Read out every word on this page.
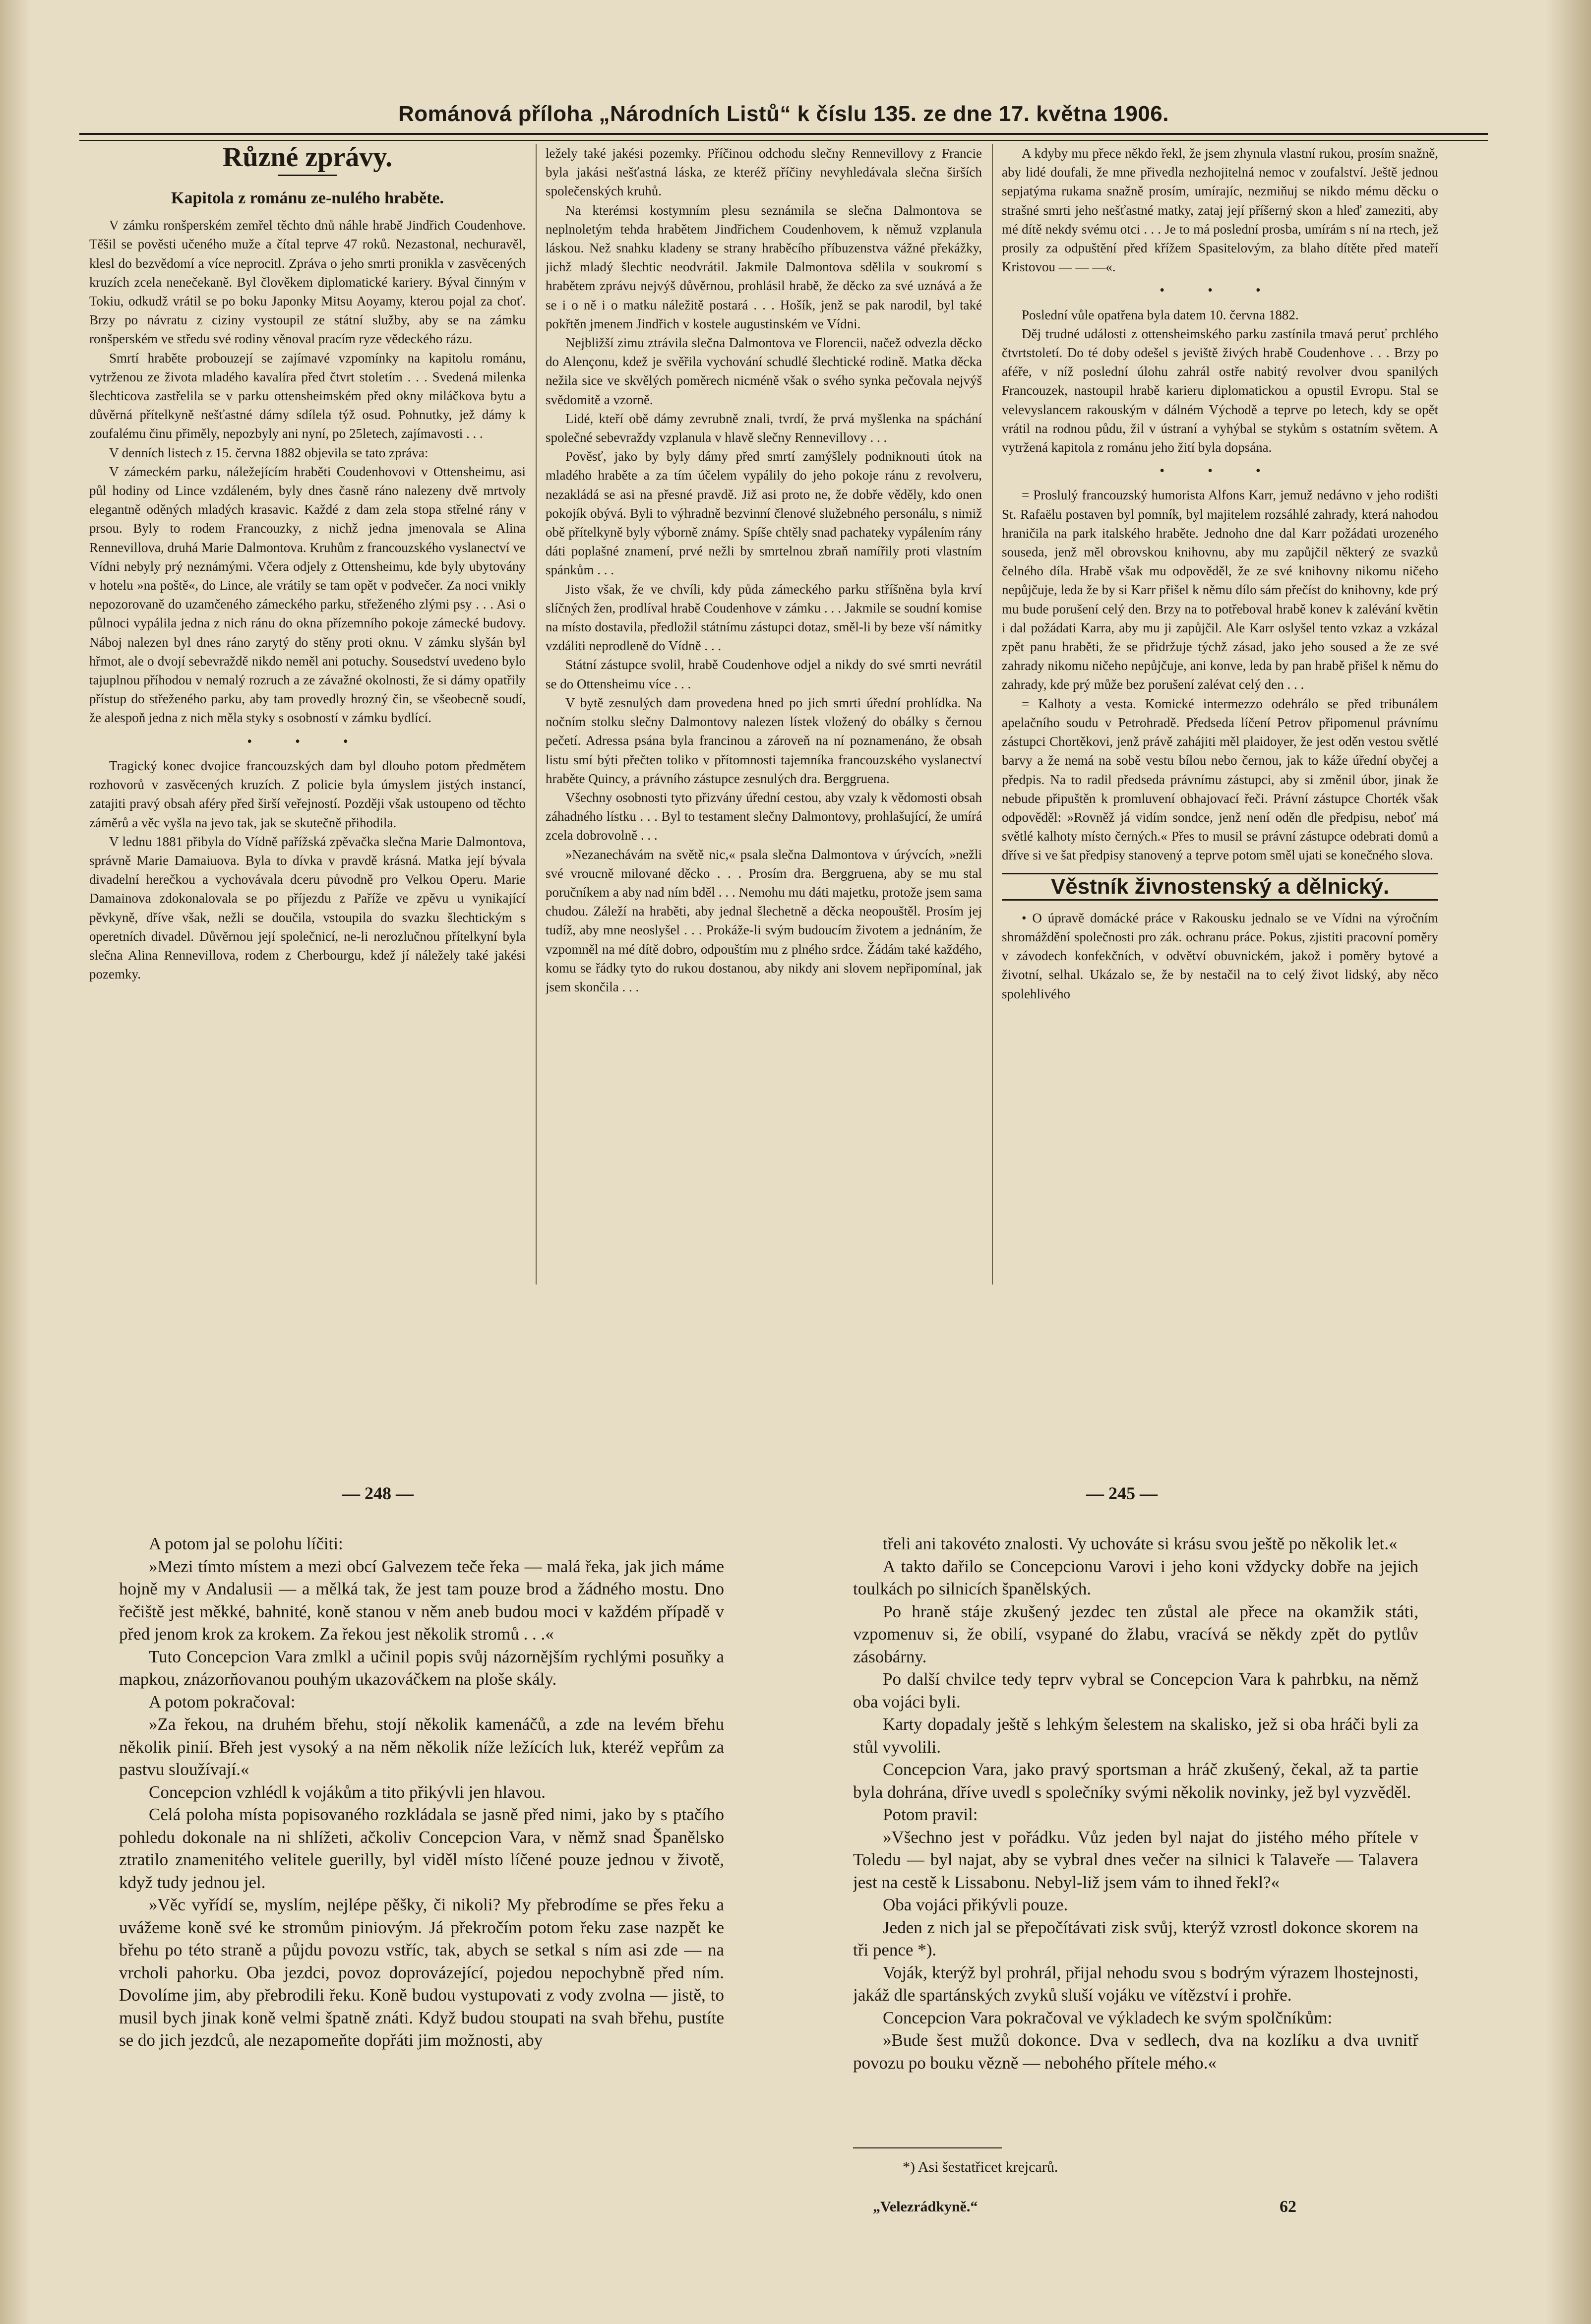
Románová příloha „Národních Listů“ k číslu 135. ze dne 17. května 1906.
Různé zprávy.
Kapitola z románu ze-nulého hraběte.

V zámku ronšperském zemřel těchto dnů náhle hrabě Jindřich Coudenhove. Těšil se pověsti učeného muže a čítal teprve 47 roků. Nezastonal, nechuravěl, klesl do bezvědomí a více neprocitl. Zpráva o jeho smrti pronikla v zasvěcených kruzích zcela nenečekaně. Byl člověkem diplomatické kariery. Býval činným v Tokiu, odkudž vrátil se po boku Japonky Mitsu Aoyamy, kterou pojal za choť. Brzy po návratu z ciziny vystoupil ze státní služby, aby se na zámku ronšperském ve středu své rodiny věnoval pracím ryze vědeckého rázu.

Smrtí hraběte probouzejí se zajímavé vzpomínky na kapitolu románu, vytrženou ze života mladého kavalíra před čtvrt stoletím . . . Svedená milenka šlechticova zastřelila se v parku ottensheimském před okny miláčkova bytu a důvěrná přítelkyně nešťastné dámy sdílela týž osud. Pohnutky, jež dámy k zoufalému činu přiměly, nepozbyly ani nyní, po 25letech, zajímavosti . . .

V denních listech z 15. června 1882 objevila se tato zpráva:

V zámeckém parku, náležejícím hraběti Coudenhovovi v Ottensheimu, asi půl hodiny od Lince vzdáleném, byly dnes časně ráno nalezeny dvě mrtvoly elegantně oděných mladých krasavic. Každé z dam zela stopa střelné rány v prsou. Byly to rodem Francouzky, z nichž jedna jmenovala se Alina Rennevillova, druhá Marie Dalmontova. Kruhům z francouzského vyslanectví ve Vídni nebyly prý neznámými. Včera odjely z Ottensheimu, kde byly ubytovány v hotelu »na poště«, do Lince, ale vrátily se tam opět v podvečer. Za noci vnikly nepozorovaně do uzamčeného zámeckého parku, střeženého zlými psy . . . Asi o půlnoci vypálila jedna z nich ránu do okna přízemního pokoje zámecké budovy. Náboj nalezen byl dnes ráno zarytý do stěny proti oknu. V zámku slyšán byl hřmot, ale o dvojí sebevraždě nikdo neměl ani potuchy. Sousedství uvedeno bylo tajuplnou příhodou v nemalý rozruch a ze závažné okolnosti, že si dámy opatřily přístup do střeženého parku, aby tam provedly hrozný čin, se všeobecně soudí, že alespoň jedna z nich měla styky s osobností v zámku bydlící.

• • •

Tragický konec dvojice francouzských dam byl dlouho potom předmětem rozhovorů v zasvěcených kruzích. Z policie byla úmyslem jistých instancí, zatajiti pravý obsah aféry před širší veřejností. Později však ustoupeno od těchto záměrů a věc vyšla na jevo tak, jak se skutečně přihodila.

V lednu 1881 přibyla do Vídně pařížská zpěvačka slečna Marie Dalmontova, správně Marie Damaiuova. Byla to dívka v pravdě krásná. Matka její bývala divadelní herečkou a vychovávala dceru původně pro Velkou Operu. Marie Damainova zdokonalovala se po příjezdu z Paříže ve zpěvu u vynikající pěvkyně, dříve však, nežli se doučila, vstoupila do svazku šlechtickým s operetních divadel. Důvěrnou její společnicí, ne-li nerozlučnou přítelkyní byla slečna Alina Rennevillova, rodem z Cherbourgu, kdež jí náležely také jakési pozemky.

ležely také jakési pozemky. Příčinou odchodu slečny Rennevillovy z Francie byla jakási nešťastná láska, ze kteréž příčiny nevyhledávala slečna širších společenských kruhů.

Na kterémsi kostymním plesu seznámila se slečna Dalmontova se neplnoletým tehda hrabětem Jindřichem Coudenhovem, k němuž vzplanula láskou. Než snahku kladeny se strany hraběcího příbuzenstva vážné překážky, jichž mladý šlechtic neodvrátil. Jakmile Dalmontova sdělila v soukromí s hrabětem zprávu nejvýš důvěrnou, prohlásil hrabě, že děcko za své uznává a že se i o ně i o matku náležitě postará . . . Hošík, jenž se pak narodil, byl také pokřtěn jmenem Jindřich v kostele augustinském ve Vídni.

Nejbližší zimu ztrávila slečna Dalmontova ve Florencii, načež odvezla děcko do Alençonu, kdež je svěřila vychování schudlé šlechtické rodině. Matka děcka nežila sice ve skvělých poměrech nicméně však o svého synka pečovala nejvýš svědomitě a vzorně.

Lidé, kteří obě dámy zevrubně znali, tvrdí, že prvá myšlenka na spáchání společné sebevraždy vzplanula v hlavě slečny Rennevillovy . . .

Pověsť, jako by byly dámy před smrtí zamýšlely podniknouti útok na mladého hraběte a za tím účelem vypálily do jeho pokoje ránu z revolveru, nezakládá se asi na přesné pravdě. Již asi proto ne, že dobře věděly, kdo onen pokojík obývá. Byli to výhradně bezvinní členové služebného personálu, s nimiž obě přítelkyně byly výborně známy. Spíše chtěly snad pachateky vypálením rány dáti poplašné znamení, prvé nežli by smrtelnou zbraň namířily proti vlastním spánkům . . .

Jisto však, že ve chvíli, kdy půda zámeckého parku stříšněna byla krví slíčných žen, prodlíval hrabě Coudenhove v zámku . . . Jakmile se soudní komise na místo dostavila, předložil státnímu zástupci dotaz, směl-li by beze vší námitky vzdáliti neprodleně do Vídně . . .

Státní zástupce svolil, hrabě Coudenhove odjel a nikdy do své smrti nevrátil se do Ottensheimu více . . .

V bytě zesnulých dam provedena hned po jich smrti úřední prohlídka. Na nočním stolku slečny Dalmontovy nalezen lístek vložený do obálky s černou pečetí. Adressa psána byla francinou a zároveň na ní poznamenáno, že obsah listu smí býti přečten toliko v přítomnosti tajemníka francouzského vyslanectví hraběte Quincy, a právního zástupce zesnulých dra. Berggruena.

Všechny osobnosti tyto přizvány úřední cestou, aby vzaly k vědomosti obsah záhadného lístku . . . Byl to testament slečny Dalmontovy, prohlašující, že umírá zcela dobrovolně . . .

»Nezanechávám na světě nic,« psala slečna Dalmontova v úrývcích, »nežli své vroucně milované děcko . . . Prosím dra. Berggruena, aby se mu stal poručníkem a aby nad ním bděl . . . Nemohu mu dáti majetku, protože jsem sama chudou. Záleží na hraběti, aby jednal šlechetně a děcka neopouštěl. Prosím jej tudíž, aby mne neoslyšel . . . Prokáže-li svým budoucím životem a jednáním, že vzpomněl na mé dítě dobro, odpouštím mu z plného srdce. Žádám také každého, komu se řádky tyto do rukou dostanou, aby nikdy ani slovem nepřipomínal, jak jsem skončila . . .

A kdyby mu přece někdo řekl, že jsem zhynula vlastní rukou, prosím snažně, aby lidé doufali, že mne přivedla nezhojitelná nemoc v zoufalství. Ještě jednou sepjatýma rukama snažně prosím, umírajíc, nezmiňuj se nikdo mému děcku o strašné smrti jeho nešťastné matky, zataj její příšerný skon a hleď zameziti, aby mé dítě nekdy svému otci . . . Je to má poslední prosba, umírám s ní na rtech, jež prosily za odpuštění před křížem Spasitelovým, za blaho dítěte před mateří Kristovou — — —«.

• • •

Poslední vůle opatřena byla datem 10. června 1882.

Děj trudné události z ottensheimského parku zastínila tmavá peruť prchlého čtvrtstoletí. Do té doby odešel s jeviště živých hrabě Coudenhove . . . Brzy po aféře, v níž poslední úlohu zahrál ostře nabitý revolver dvou spanilých Francouzek, nastoupil hrabě karieru diplomatickou a opustil Evropu. Stal se velevyslancem rakouským v dálném Východě a teprve po letech, kdy se opět vrátil na rodnou půdu, žil v ústraní a vyhýbal se stykům s ostatním světem. A vytržená kapitola z románu jeho žití byla dopsána.

• • •

= Proslulý francouzský humorista Alfons Karr, jemuž nedávno v jeho rodišti St. Rafaëlu postaven byl pomník, byl majitelem rozsáhlé zahrady, která nahodou hraničila na park italského hraběte. Jednoho dne dal Karr požádati urozeného souseda, jenž měl obrovskou knihovnu, aby mu zapůjčil některý ze svazků čelného díla. Hrabě však mu odpověděl, že ze své knihovny nikomu ničeho nepůjčuje, leda že by si Karr přišel k němu dílo sám přečíst do knihovny, kde prý mu bude porušení celý den. Brzy na to potřeboval hrabě konev k zalévání květin i dal požádati Karra, aby mu ji zapůjčil. Ale Karr oslyšel tento vzkaz a vzkázal zpět panu hraběti, že se přidržuje týchž zásad, jako jeho soused a že ze své zahrady nikomu ničeho nepůjčuje, ani konve, leda by pan hrabě přišel k němu do zahrady, kde prý může bez porušení zalévat celý den . . .

= Kalhoty a vesta. Komické intermezzo odehrálo se před tribunálem apelačního soudu v Petrohradě. Předseda líčení Petrov připomenul právnímu zástupci Chortěkovi, jenž právě zahájiti měl plaidoyer, že jest oděn vestou světlé barvy a že nemá na sobě vestu bílou nebo černou, jak to káže úřední obyčej a předpis. Na to radil předseda právnímu zástupci, aby si změnil úbor, jinak že nebude připuštěn k promluvení obhajovací řeči. Právní zástupce Chorték však odpověděl: »Rovněž já vidím sondce, jenž není oděn dle předpisu, neboť má světlé kalhoty místo černých.« Přes to musil se právní zástupce odebrati domů a dříve si ve šat předpisy stanovený a teprve potom směl ujati se konečného slova.

Věstník živnostenský a dělnický.

• O úpravě domácké práce v Rakousku jednalo se ve Vídni na výročním shromáždění společnosti pro zák. ochranu práce. Pokus, zjistiti pracovní poměry v závodech konfekčních, v odvětví obuvnickém, jakož i poměry bytové a životní, selhal. Ukázalo se, že by nestačil na to celý život lidský, aby něco spolehlivého

— 248 —	— 245 —

A potom jal se polohu líčiti:

»Mezi tímto místem a mezi obcí Galvezem teče řeka — malá řeka, jak jich máme hojně my v Andalusii — a mělká tak, že jest tam pouze brod a žádného mostu. Dno řečiště jest měkké, bahnité, koně stanou v něm aneb budou moci v každém případě v před jenom krok za krokem. Za řekou jest několik stromů . . .«

Tuto Concepcion Vara zmlkl a učinil popis svůj názornějším rychlými posuňky a mapkou, znázorňovanou pouhým ukazováčkem na ploše skály.

A potom pokračoval:

»Za řekou, na druhém břehu, stojí několik kamenáčů, a zde na levém břehu několik pinií. Břeh jest vysoký a na něm několik níže ležících luk, kteréž vepřům za pastvu sloužívají.«

Concepcion vzhlédl k vojákům a tito přikývli jen hlavou.

Celá poloha místa popisovaného rozkládala se jasně před nimi, jako by s ptačího pohledu dokonale na ni shlížeti, ačkoliv Concepcion Vara, v němž snad Španělsko ztratilo znamenitého velitele guerilly, byl viděl místo líčené pouze jednou v životě, když tudy jednou jel.

»Věc vyřídí se, myslím, nejlépe pěšky, či nikoli? My přebrodíme se přes řeku a uvážeme koně své ke stromům piniovým. Já překročím potom řeku zase nazpět ke břehu po této straně a půjdu povozu vstříc, tak, abych se setkal s ním asi zde — na vrcholi pahorku. Oba jezdci, povoz doprovázející, pojedou nepochybně před ním. Dovolíme jim, aby přebrodili řeku. Koně budou vystupovati z vody zvolna — jistě, to musil bych jinak koně velmi špatně znáti. Když budou stoupati na svah břehu, pustíte se do jich jezdců, ale nezapomeňte dopřáti jim možnosti, aby

třeli ani takovéto znalosti. Vy uchováte si krásu svou ještě po několik let.«

A takto dařilo se Concepcionu Varovi i jeho koni vždycky dobře na jejich toulkách po silnicích španělských.

Po hraně stáje zkušený jezdec ten zůstal ale přece na okamžik státi, vzpomenuv si, že obilí, vsypané do žlabu, vracívá se někdy zpět do pytlův zásobárny.

Po další chvilce tedy teprv vybral se Concepcion Vara k pahrbku, na němž oba vojáci byli.

Karty dopadaly ještě s lehkým šelestem na skalisko, jež si oba hráči byli za stůl vyvolili.

Concepcion Vara, jako pravý sportsman a hráč zkušený, čekal, až ta partie byla dohrána, dříve uvedl s společníky svými několik novinky, jež byl vyzvěděl.

Potom pravil:

»Všechno jest v pořádku. Vůz jeden byl najat do jistého mého přítele v Toledu — byl najat, aby se vybral dnes večer na silnici k Talaveře — Talavera jest na cestě k Lissabonu. Nebyl-liž jsem vám to ihned řekl?«

Oba vojáci přikývli pouze.

Jeden z nich jal se přepočítávati zisk svůj, kterýž vzrostl dokonce skorem na tři pence *).

Voják, kterýž byl prohrál, přijal nehodu svou s bodrým výrazem lhostejnosti, jakáž dle spartánských zvyků sluší vojáku ve vítězství i prohře.

Concepcion Vara pokračoval ve výkladech ke svým spolčníkům:

»Bude šest mužů dokonce. Dva v sedlech, dva na kozlíku a dva uvnitř povozu po bouku vězně — nebohého přítele mého.«

*) Asi šestatřicet krejcarů.
„Velezrádkyně.“	62
